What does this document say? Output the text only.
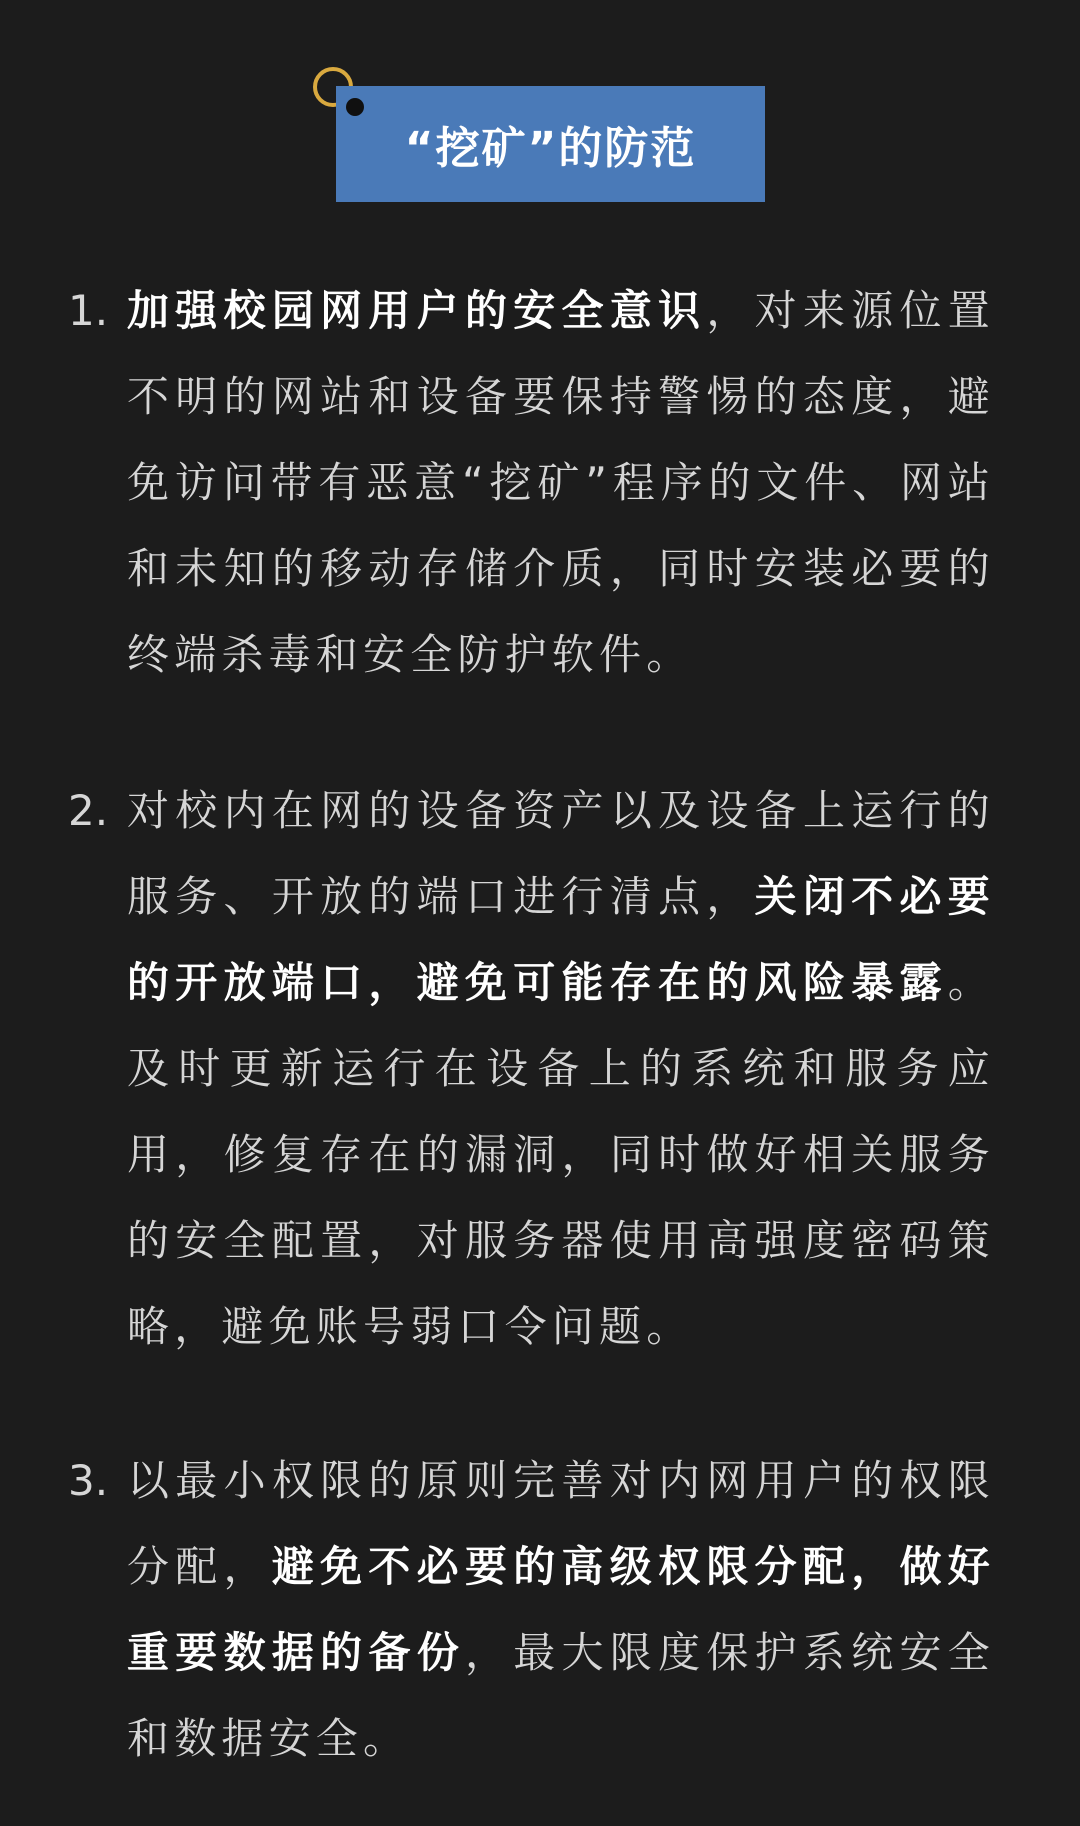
“挖矿”的防范
1. 加强校园网用户的安全意识，对来源位置不明的网站和设备要保持警惕的态度，避免访问带有恶意“挖矿”程序的文件、网站和未知的移动存储介质，同时安装必要的终端杀毒和安全防护软件。
2. 对校内在网的设备资产以及设备上运行的服务、开放的端口进行清点，关闭不必要的开放端口，避免可能存在的风险暴露。及时更新运行在设备上的系统和服务应用，修复存在的漏洞，同时做好相关服务的安全配置，对服务器使用高强度密码策略，避免账号弱口令问题。
3. 以最小权限的原则完善对内网用户的权限分配，避免不必要的高级权限分配，做好重要数据的备份，最大限度保护系统安全和数据安全。
